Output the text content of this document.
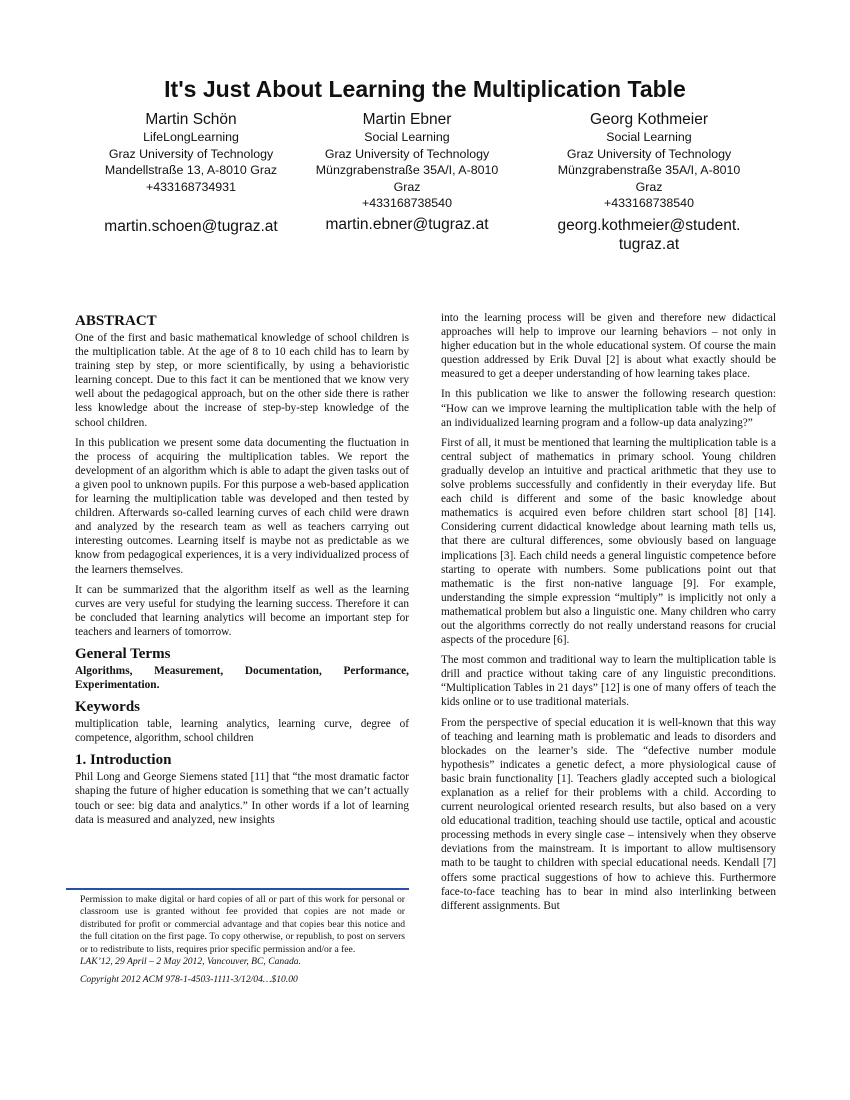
It's Just About Learning the Multiplication Table
Martin Schön
LifeLongLearning
Graz University of Technology
Mandellstraße 13, A-8010 Graz
+433168734931
martin.schoen@tugraz.at
Martin Ebner
Social Learning
Graz University of Technology
Münzgrabenstraße 35A/I, A-8010
Graz
+433168738540
martin.ebner@tugraz.at
Georg Kothmeier
Social Learning
Graz University of Technology
Münzgrabenstraße 35A/I, A-8010
Graz
+433168738540
georg.kothmeier@student.
tugraz.at
ABSTRACT

One of the first and basic mathematical knowledge of school children is the multiplication table. At the age of 8 to 10 each child has to learn by training step by step, or more scientifically, by using a behavioristic learning concept. Due to this fact it can be mentioned that we know very well about the pedagogical approach, but on the other side there is rather less knowledge about the increase of step-by-step knowledge of the school children.

In this publication we present some data documenting the fluctuation in the process of acquiring the multiplication tables. We report the development of an algorithm which is able to adapt the given tasks out of a given pool to unknown pupils. For this purpose a web-based application for learning the multiplication table was developed and then tested by children. Afterwards so-called learning curves of each child were drawn and analyzed by the research team as well as teachers carrying out interesting outcomes. Learning itself is maybe not as predictable as we know from pedagogical experiences, it is a very individualized process of the learners themselves.

It can be summarized that the algorithm itself as well as the learning curves are very useful for studying the learning success. Therefore it can be concluded that learning analytics will become an important step for teachers and learners of tomorrow.

General Terms

Algorithms, Measurement, Documentation, Performance, Experimentation.

Keywords

multiplication table, learning analytics, learning curve, degree of competence, algorithm, school children

1. Introduction

Phil Long and George Siemens stated [11] that “the most dramatic factor shaping the future of higher education is something that we can’t actually touch or see: big data and analytics.” In other words if a lot of learning data is measured and analyzed, new insights

Permission to make digital or hard copies of all or part of this work for personal or classroom use is granted without fee provided that copies are not made or distributed for profit or commercial advantage and that copies bear this notice and the full citation on the first page. To copy otherwise, or republish, to post on servers or to redistribute to lists, requires prior specific permission and/or a fee.

LAK’12, 29 April – 2 May 2012, Vancouver, BC, Canada.

Copyright 2012 ACM 978-1-4503-1111-3/12/04…$10.00

into the learning process will be given and therefore new didactical approaches will help to improve our learning behaviors – not only in higher education but in the whole educational system. Of course the main question addressed by Erik Duval [2] is about what exactly should be measured to get a deeper understanding of how learning takes place.

In this publication we like to answer the following research question: “How can we improve learning the multiplication table with the help of an individualized learning program and a follow-up data analyzing?”

First of all, it must be mentioned that learning the multiplication table is a central subject of mathematics in primary school. Young children gradually develop an intuitive and practical arithmetic that they use to solve problems successfully and confidently in their everyday life. But each child is different and some of the basic knowledge about mathematics is acquired even before children start school [8] [14]. Considering current didactical knowledge about learning math tells us, that there are cultural differences, some obviously based on language implications [3]. Each child needs a general linguistic competence before starting to operate with numbers. Some publications point out that mathematic is the first non-native language [9]. For example, understanding the simple expression “multiply” is implicitly not only a mathematical problem but also a linguistic one. Many children who carry out the algorithms correctly do not really understand reasons for crucial aspects of the procedure [6].

The most common and traditional way to learn the multiplication table is drill and practice without taking care of any linguistic preconditions. “Multiplication Tables in 21 days” [12] is one of many offers of teach the kids online or to use traditional materials.

From the perspective of special education it is well-known that this way of teaching and learning math is problematic and leads to disorders and blockades on the learner’s side. The “defective number module hypothesis” indicates a genetic defect, a more physiological cause of basic brain functionality [1]. Teachers gladly accepted such a biological explanation as a relief for their problems with a child. According to current neurological oriented research results, but also based on a very old educational tradition, teaching should use tactile, optical and acoustic processing methods in every single case – intensively when they observe deviations from the mainstream. It is important to allow multisensory math to be taught to children with special educational needs. Kendall [7] offers some practical suggestions of how to achieve this. Furthermore face-to-face teaching has to bear in mind also interlinking between different assignments. But
